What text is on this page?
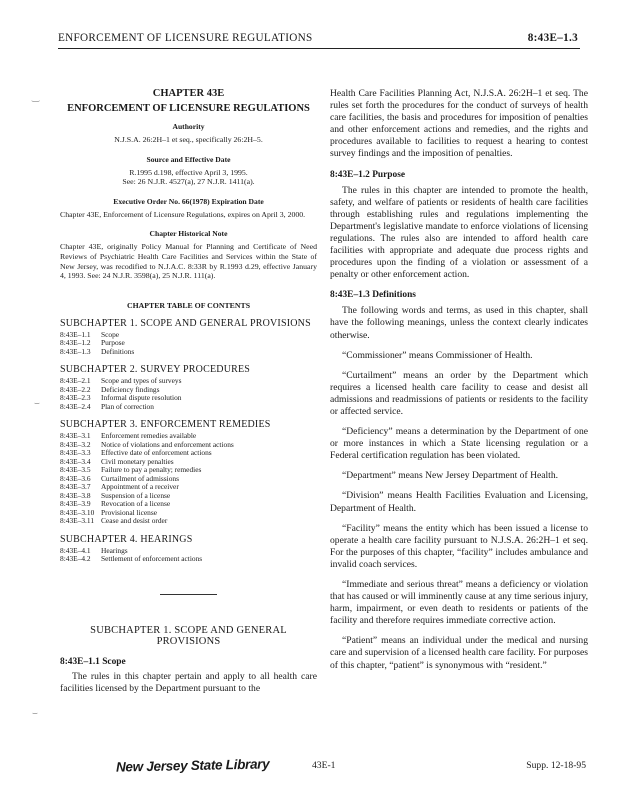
ENFORCEMENT OF LICENSURE REGULATIONS	8:43E–1.3
‿
⌣
⌣

CHAPTER 43E

ENFORCEMENT OF LICENSURE REGULATIONS

Authority

N.J.S.A. 26:2H–1 et seq., specifically 26:2H–5.

Source and Effective Date

R.1995 d.198, effective April 3, 1995.

See: 26 N.J.R. 4527(a), 27 N.J.R. 1411(a).

Executive Order No. 66(1978) Expiration Date

Chapter 43E, Enforcement of Licensure Regulations, expires on April 3, 2000.

Chapter Historical Note

Chapter 43E, originally Policy Manual for Planning and Certificate of Need Reviews of Psychiatric Health Care Facilities and Services within the State of New Jersey, was recodified to N.J.A.C. 8:33R by R.1993 d.29, effective January 4, 1993. See: 24 N.J.R. 3598(a), 25 N.J.R. 111(a).

CHAPTER TABLE OF CONTENTS

SUBCHAPTER 1. SCOPE AND GENERAL PROVISIONS

8:43E–1.1	Scope
8:43E–1.2	Purpose
8:43E–1.3	Definitions

SUBCHAPTER 2. SURVEY PROCEDURES

8:43E–2.1	Scope and types of surveys
8:43E–2.2	Deficiency findings
8:43E–2.3	Informal dispute resolution
8:43E–2.4	Plan of correction

SUBCHAPTER 3. ENFORCEMENT REMEDIES

8:43E–3.1	Enforcement remedies available
8:43E–3.2	Notice of violations and enforcement actions
8:43E–3.3	Effective date of enforcement actions
8:43E–3.4	Civil monetary penalties
8:43E–3.5	Failure to pay a penalty; remedies
8:43E–3.6	Curtailment of admissions
8:43E–3.7	Appointment of a receiver
8:43E–3.8	Suspension of a license
8:43E–3.9	Revocation of a license
8:43E–3.10 Provisional license
8:43E–3.11 Cease and desist order

SUBCHAPTER 4. HEARINGS

8:43E–4.1	Hearings
8:43E–4.2	Settlement of enforcement actions

SUBCHAPTER 1. SCOPE AND GENERAL

PROVISIONS

8:43E–1.1 Scope

The rules in this chapter pertain and apply to all health care facilities licensed by the Department pursuant to the

Health Care Facilities Planning Act, N.J.S.A. 26:2H–1 et seq. The rules set forth the procedures for the conduct of surveys of health care facilities, the basis and procedures for imposition of penalties and other enforcement actions and remedies, and the rights and procedures available to facilities to request a hearing to contest survey findings and the imposition of penalties.

8:43E–1.2 Purpose

The rules in this chapter are intended to promote the health, safety, and welfare of patients or residents of health care facilities through establishing rules and regulations implementing the Department's legislative mandate to enforce violations of licensing regulations. The rules also are intended to afford health care facilities with appropriate and adequate due process rights and procedures upon the finding of a violation or assessment of a penalty or other enforcement action.

8:43E–1.3 Definitions

The following words and terms, as used in this chapter, shall have the following meanings, unless the context clearly indicates otherwise.

“Commissioner” means Commissioner of Health.

“Curtailment” means an order by the Department which requires a licensed health care facility to cease and desist all admissions and readmissions of patients or residents to the facility or affected service.

“Deficiency” means a determination by the Department of one or more instances in which a State licensing regulation or a Federal certification regulation has been violated.

“Department” means New Jersey Department of Health.

“Division” means Health Facilities Evaluation and Licensing, Department of Health.

“Facility” means the entity which has been issued a license to operate a health care facility pursuant to N.J.S.A. 26:2H–1 et seq. For the purposes of this chapter, “facility” includes ambulance and invalid coach services.

“Immediate and serious threat” means a deficiency or violation that has caused or will imminently cause at any time serious injury, harm, impairment, or even death to residents or patients of the facility and therefore requires immediate corrective action.

“Patient” means an individual under the medical and nursing care and supervision of a licensed health care facility. For purposes of this chapter, “patient” is synonymous with “resident.”

New Jersey State Library	43E-1	Supp. 12-18-95
